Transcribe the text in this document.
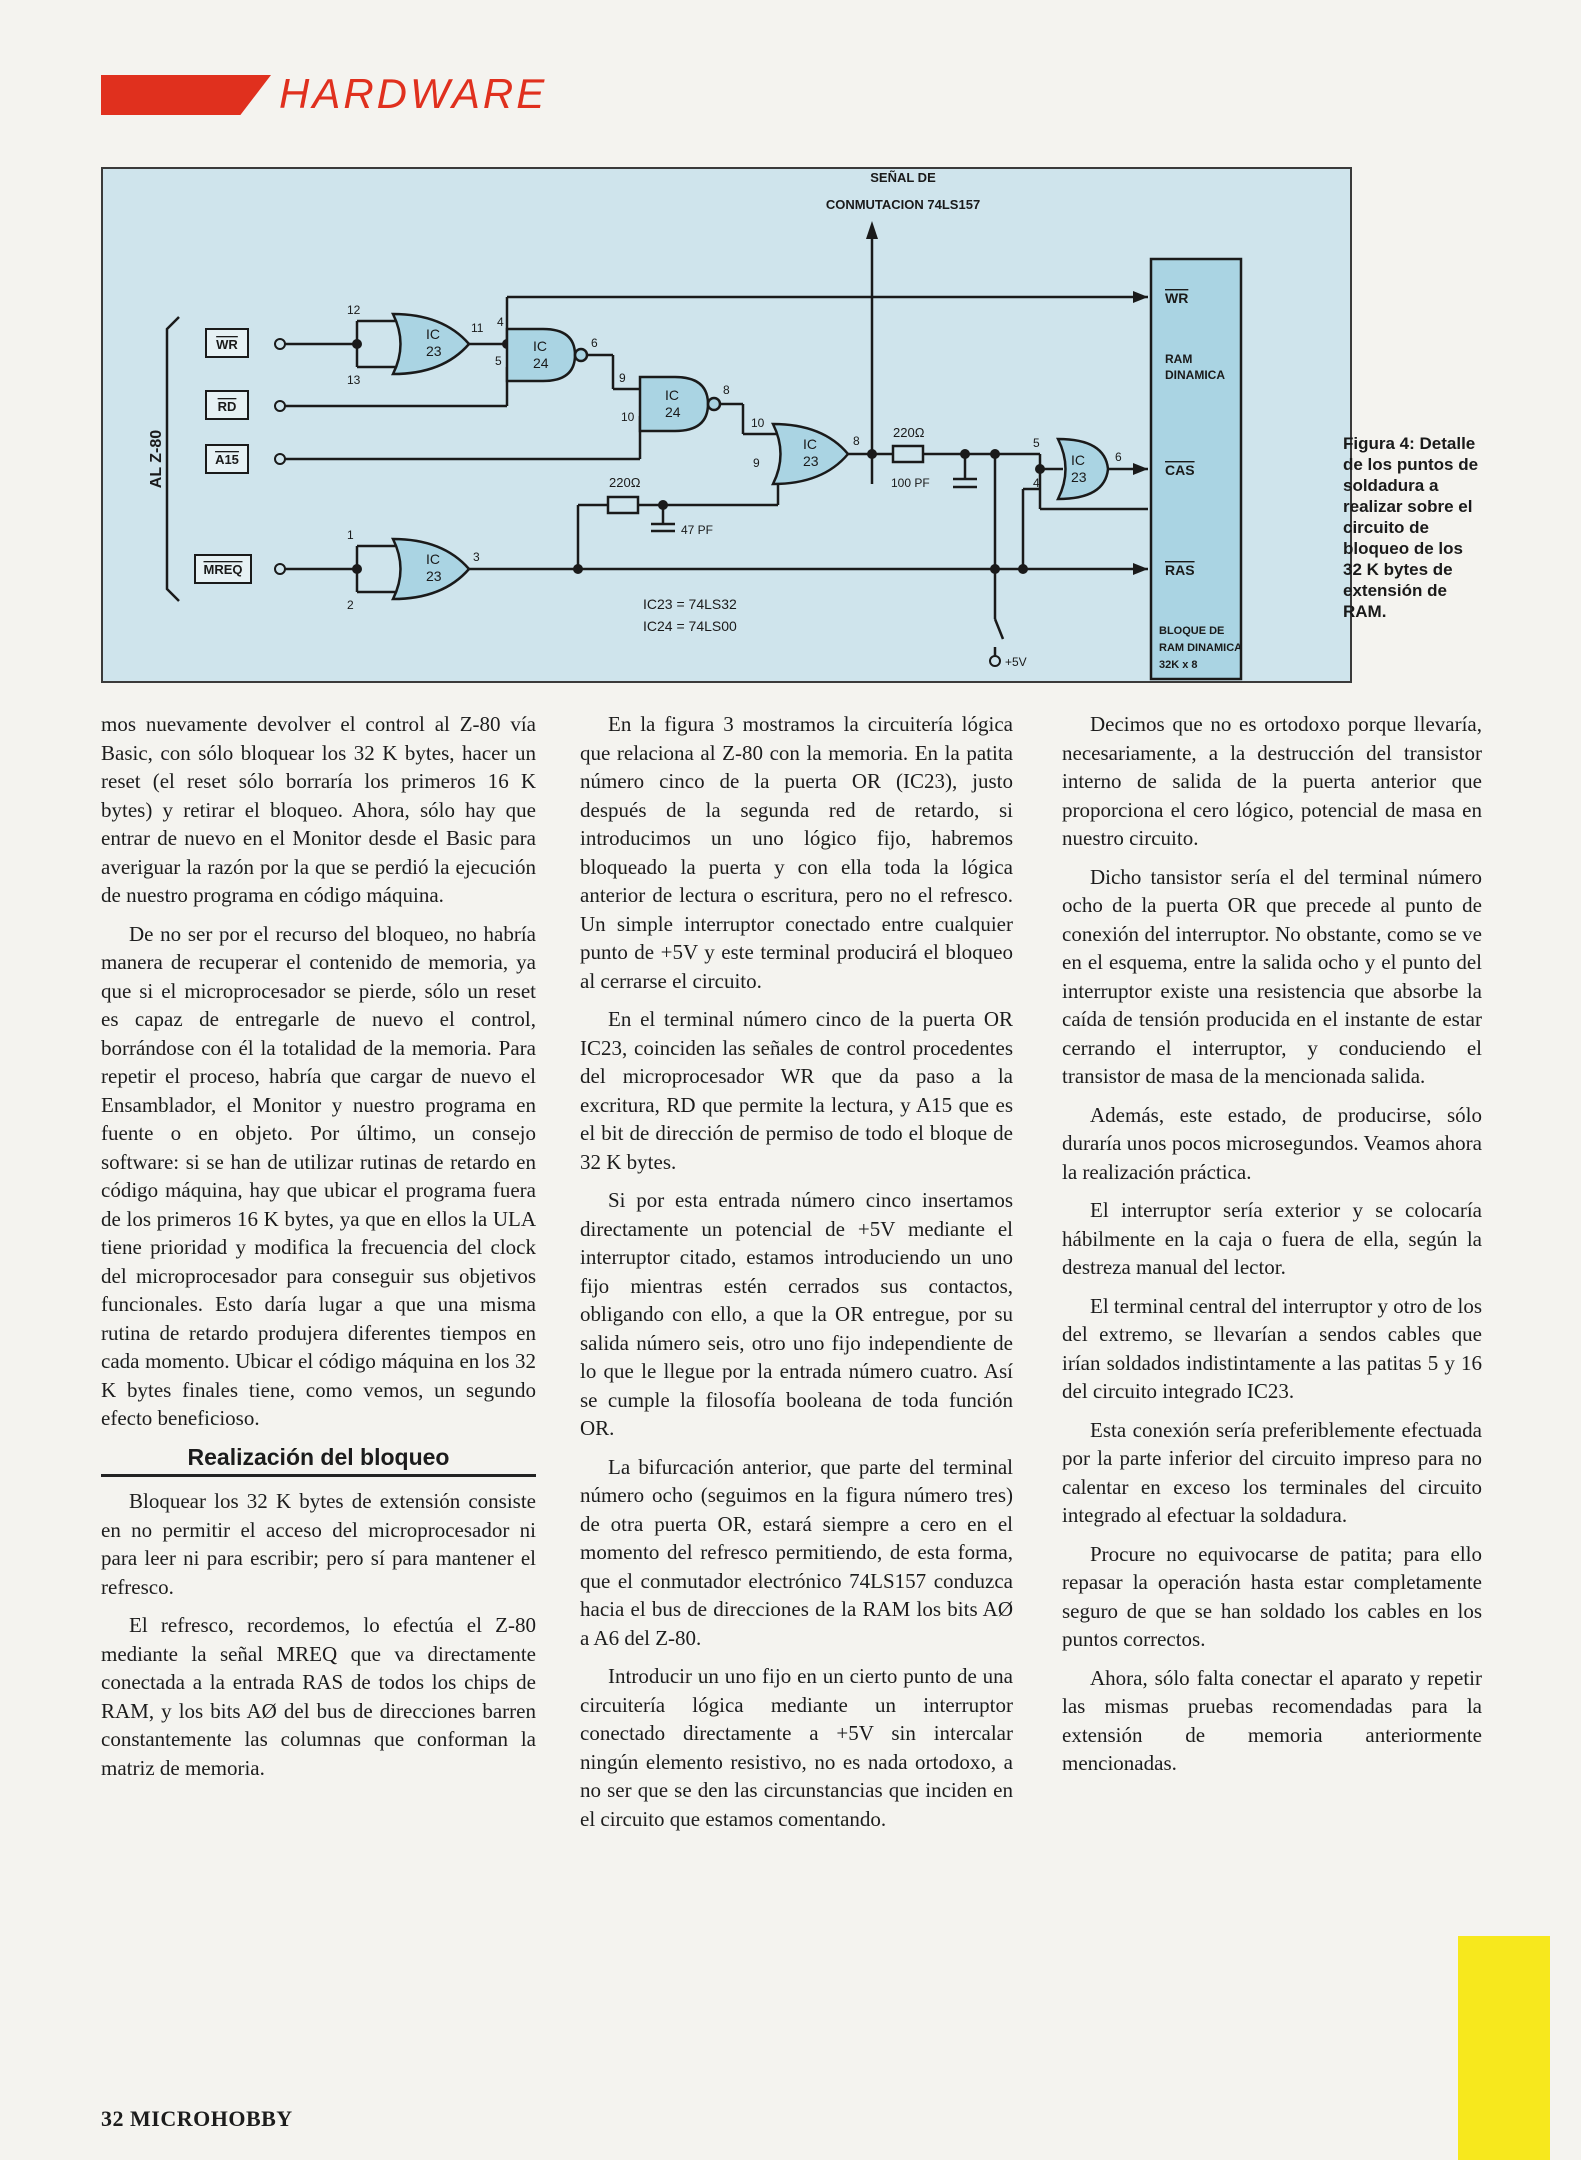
HARDWARE
SEÑAL DE
CONMUTACION 74LS157
AL Z-80
WR
RD
A15
MREQ
IC
23	IC
24
IC
24
IC
23	IC
23
IC
23
12
13
11 4
5
6
9
10
8
10
9
8
1
2
3
5
4
6
220Ω
220Ω
47 PF
100 PF
IC23 = 74LS32
IC24 = 74LS00
+5V
RAM
DINAMICA
WR
CAS
RAS
BLOQUE DE
RAM DINAMICA
32K x 8
Figura 4: Detalle de los puntos de soldadura a realizar sobre el circuito de bloqueo de los 32 K bytes de extensión de RAM.

mos nuevamente devolver el control al Z-80 vía Basic, con sólo bloquear los 32 K bytes, hacer un reset (el reset sólo borraría los primeros 16 K bytes) y retirar el bloqueo. Ahora, sólo hay que entrar de nuevo en el Monitor desde el Basic para averiguar la razón por la que se perdió la ejecución de nuestro programa en código máquina.

De no ser por el recurso del bloqueo, no habría manera de recuperar el contenido de memoria, ya que si el microprocesador se pierde, sólo un reset es capaz de entregarle de nuevo el control, borrándose con él la totalidad de la memoria. Para repetir el proceso, habría que cargar de nuevo el Ensamblador, el Monitor y nuestro programa en fuente o en objeto. Por último, un consejo software: si se han de utilizar rutinas de retardo en código máquina, hay que ubicar el programa fuera de los primeros 16 K bytes, ya que en ellos la ULA tiene prioridad y modifica la frecuencia del clock del microprocesador para conseguir sus objetivos funcionales. Esto daría lugar a que una misma rutina de retardo produjera diferentes tiempos en cada momento. Ubicar el código máquina en los 32 K bytes finales tiene, como vemos, un segundo efecto beneficioso.

Realización del bloqueo

Bloquear los 32 K bytes de extensión consiste en no permitir el acceso del microprocesador ni para leer ni para escribir; pero sí para mantener el refresco.

El refresco, recordemos, lo efectúa el Z-80 mediante la señal MREQ que va directamente conectada a la entrada RAS de todos los chips de RAM, y los bits AØ del bus de direcciones barren constantemente las columnas que conforman la matriz de memoria.

En la figura 3 mostramos la circuitería lógica que relaciona al Z-80 con la memoria. En la patita número cinco de la puerta OR (IC23), justo después de la segunda red de retardo, si introducimos un uno lógico fijo, habremos bloqueado la puerta y con ella toda la lógica anterior de lectura o escritura, pero no el refresco. Un simple interruptor conectado entre cualquier punto de +5V y este terminal producirá el bloqueo al cerrarse el circuito.

En el terminal número cinco de la puerta OR IC23, coinciden las señales de control procedentes del microprocesador WR que da paso a la excritura, RD que permite la lectura, y A15 que es el bit de dirección de permiso de todo el bloque de 32 K bytes.

Si por esta entrada número cinco insertamos directamente un potencial de +5V mediante el interruptor citado, estamos introduciendo un uno fijo mientras estén cerrados sus contactos, obligando con ello, a que la OR entregue, por su salida número seis, otro uno fijo independiente de lo que le llegue por la entrada número cuatro. Así se cumple la filosofía booleana de toda función OR.

La bifurcación anterior, que parte del terminal número ocho (seguimos en la figura número tres) de otra puerta OR, estará siempre a cero en el momento del refresco permitiendo, de esta forma, que el conmutador electrónico 74LS157 conduzca hacia el bus de direcciones de la RAM los bits AØ a A6 del Z-80.

Introducir un uno fijo en un cierto punto de una circuitería lógica mediante un interruptor conectado directamente a +5V sin intercalar ningún elemento resistivo, no es nada ortodoxo, a no ser que se den las circunstancias que inciden en el circuito que estamos comentando.

Decimos que no es ortodoxo porque llevaría, necesariamente, a la destrucción del transistor interno de salida de la puerta anterior que proporciona el cero lógico, potencial de masa en nuestro circuito.

Dicho tansistor sería el del terminal número ocho de la puerta OR que precede al punto de conexión del interruptor. No obstante, como se ve en el esquema, entre la salida ocho y el punto del interruptor existe una resistencia que absorbe la caída de tensión producida en el instante de estar cerrando el interruptor, y conduciendo el transistor de masa de la mencionada salida.

Además, este estado, de producirse, sólo duraría unos pocos microsegundos. Veamos ahora la realización práctica.

El interruptor sería exterior y se colocaría hábilmente en la caja o fuera de ella, según la destreza manual del lector.

El terminal central del interruptor y otro de los del extremo, se llevarían a sendos cables que irían soldados indistintamente a las patitas 5 y 16 del circuito integrado IC23.

Esta conexión sería preferiblemente efectuada por la parte inferior del circuito impreso para no calentar en exceso los terminales del circuito integrado al efectuar la soldadura.

Procure no equivocarse de patita; para ello repasar la operación hasta estar completamente seguro de que se han soldado los cables en los puntos correctos.

Ahora, sólo falta conectar el aparato y repetir las mismas pruebas recomendadas para la extensión de memoria anteriormente mencionadas.

32 MICROHOBBY
